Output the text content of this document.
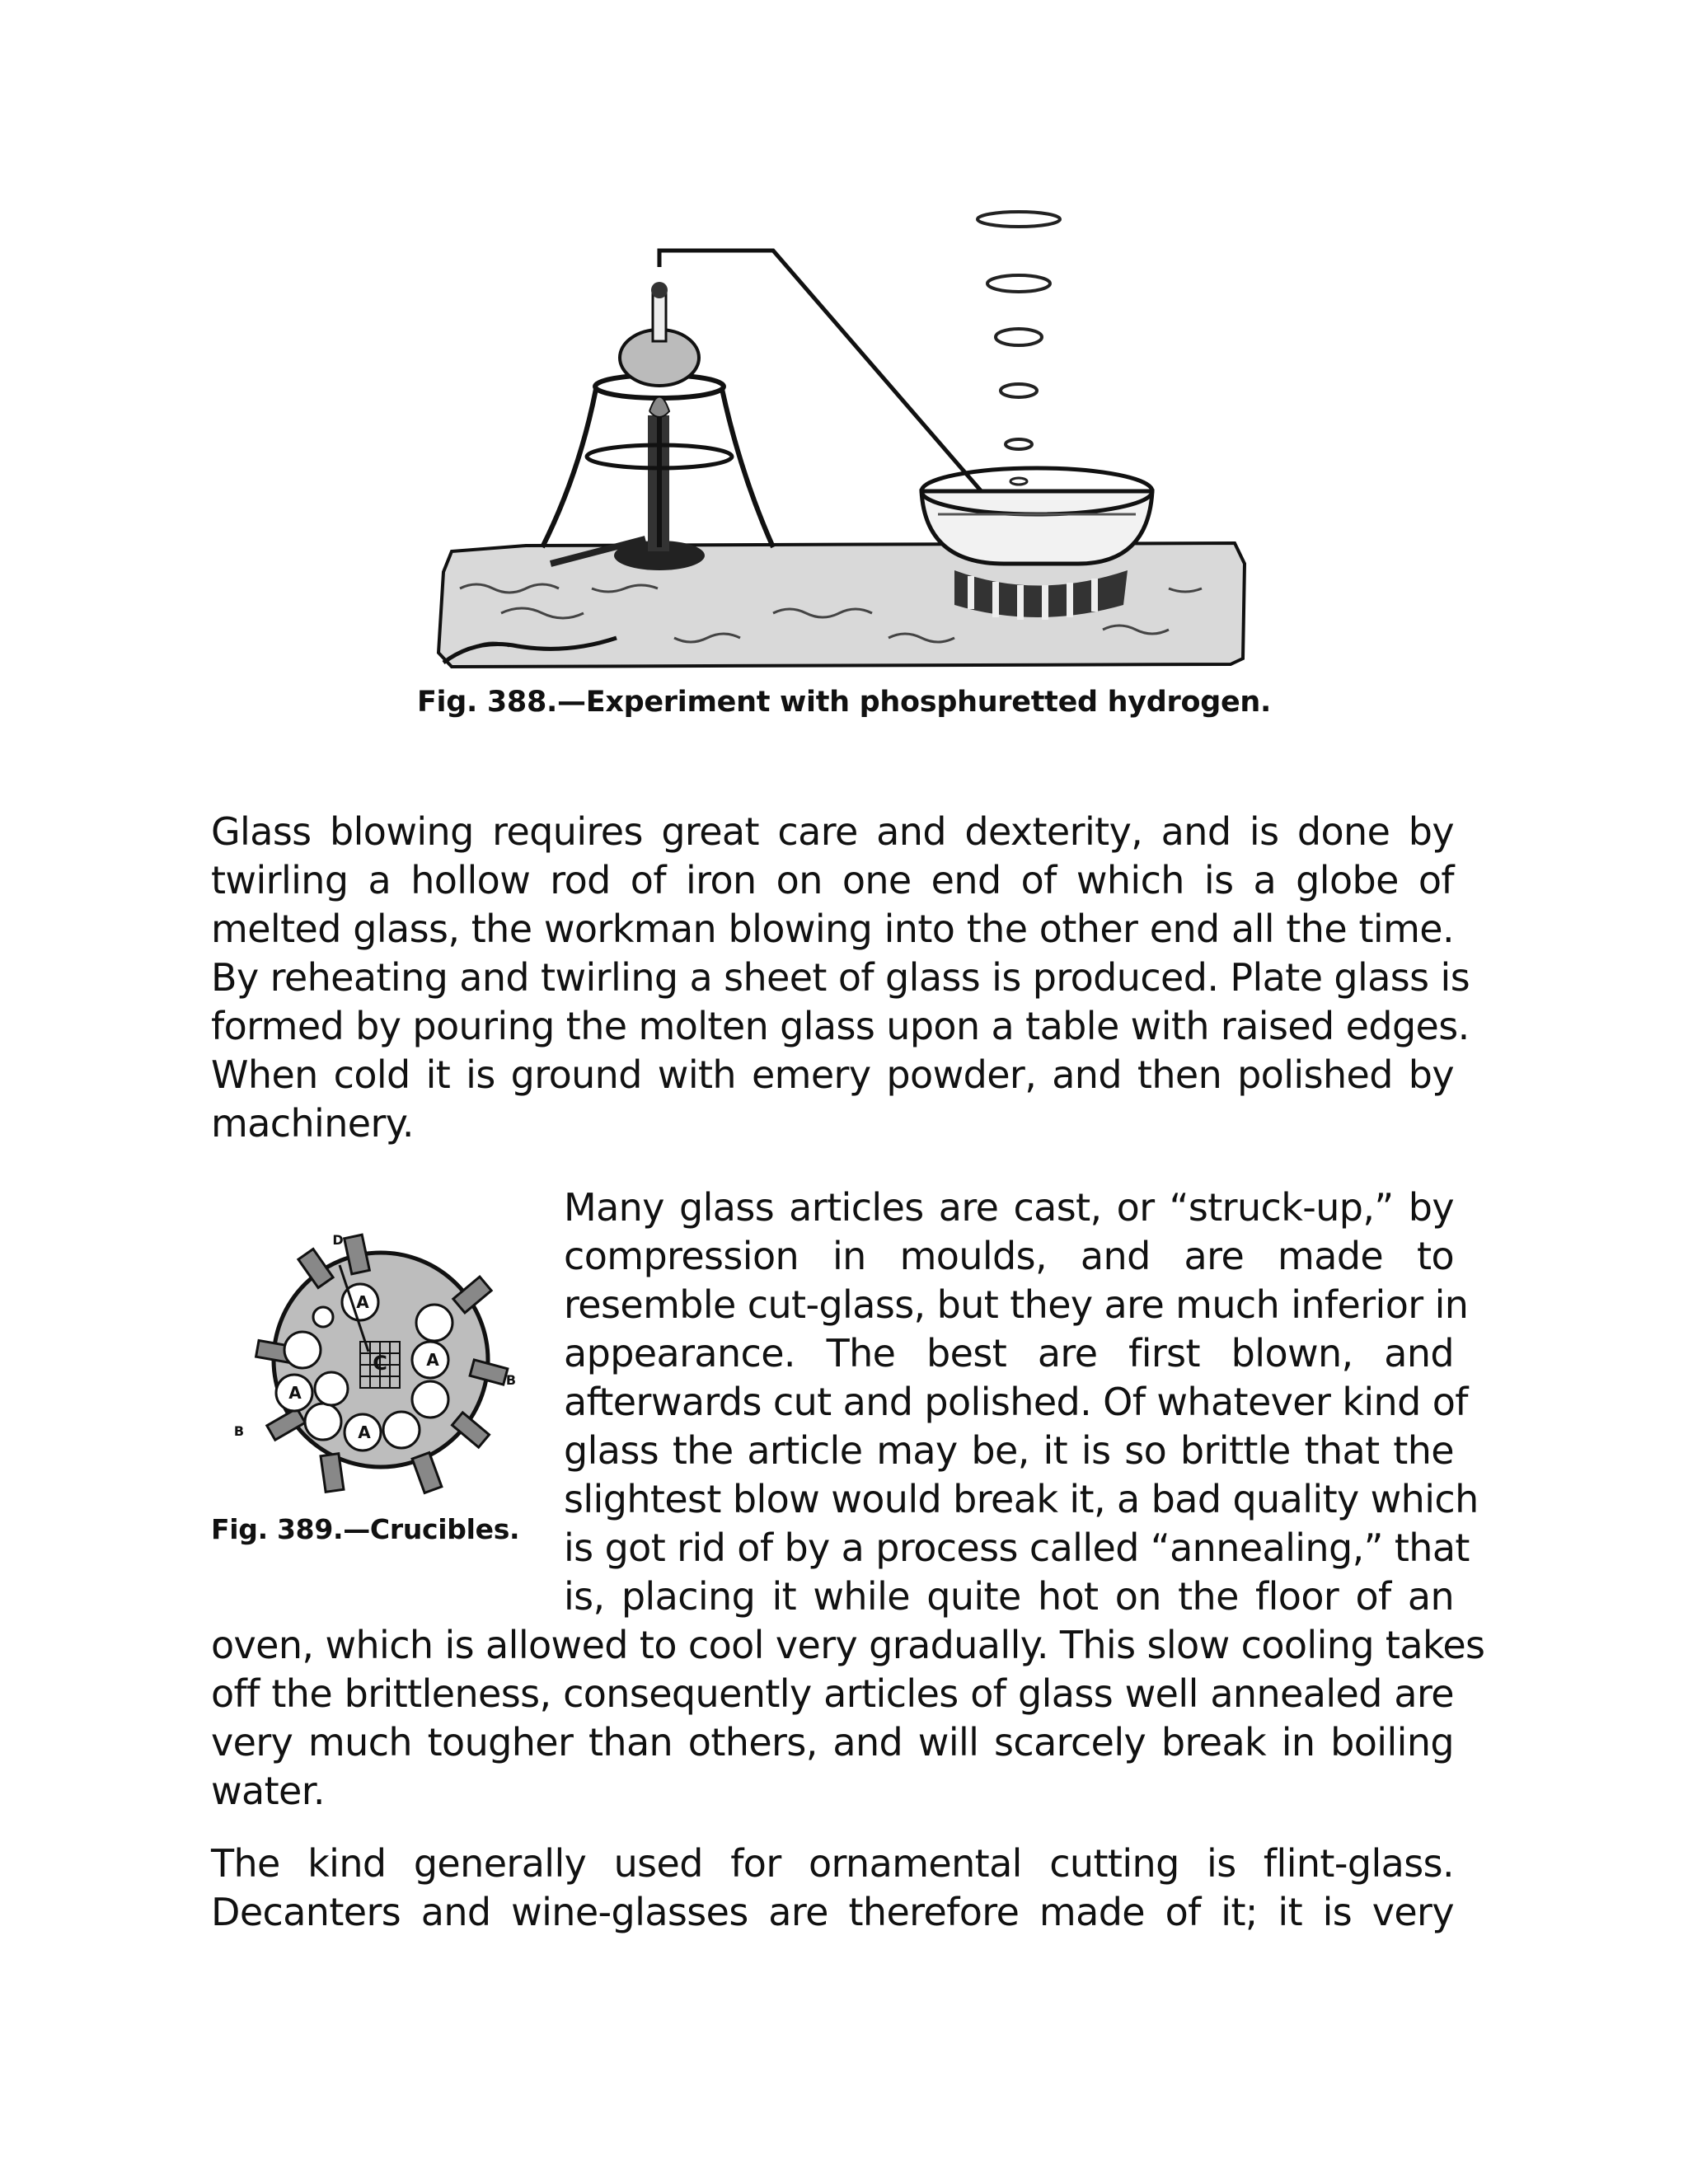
Fig. 388.—Experiment with phosphuretted hydrogen.
Glass blowing requires great care and dexterity, and is done by
twirling a hollow rod of iron on one end of which is a globe of
melted glass, the workman blowing into the other end all the time.
By reheating and twirling a sheet of glass is produced. Plate glass is
formed by pouring the molten glass upon a table with raised edges.
When cold it is ground with emery powder, and then polished by
machinery.
A
A
A
A
B
B
C
D
Fig. 389.—Crucibles.
Many glass articles are cast, or “struck-up,” by
compression in moulds, and are made to
resemble cut-glass, but they are much inferior in
appearance. The best are first blown, and
afterwards cut and polished. Of whatever kind of
glass the article may be, it is so brittle that the
slightest blow would break it, a bad quality which
is got rid of by a process called “annealing,” that
is, placing it while quite hot on the floor of an
oven, which is allowed to cool very gradually. This slow cooling takes
off the brittleness, consequently articles of glass well annealed are
very much tougher than others, and will scarcely break in boiling
water.
The kind generally used for ornamental cutting is flint-glass.
Decanters and wine-glasses are therefore made of it; it is very
